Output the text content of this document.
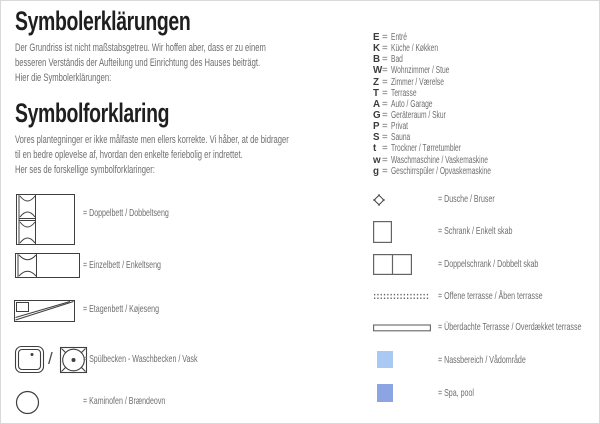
Symbolerklärungen
Der Grundriss ist nicht maßstabsgetreu. Wir hoffen aber, dass er zu einem
besseren Verständis der Aufteilung und Einrichtung des Hauses beiträgt.
Hier die Symbolerklärungen:
Symbolforklaring
Vores plantegninger er ikke målfaste men ellers korrekte. Vi håber, at de bidrager
til en bedre oplevelse af, hvordan den enkelte feriebolig er indrettet.
Her ses de forskellige symbolforklaringer:
= Doppelbett / Dobbeltseng
= Einzelbett / Enkeltseng
= Etagenbett / Køjeseng
/	= Spülbecken - Waschbecken / Vask
= Kaminofen / Brændeovn
E = Entré
K = Küche / Køkken
B = Bad
W = Wohnzimmer / Stue
Z = Zimmer / Værelse
T = Terrasse
A = Auto / Garage
G = Geräteraum / Skur
P = Privat
S = Sauna
t = Trockner / Tørretumbler
w = Waschmaschine / Vaskemaskine
g = Geschirrspüler / Opvaskemaskine
= Dusche / Bruser
= Schrank / Enkelt skab
= Doppelschrank / Dobbelt skab
= Offene terrasse / Åben terrasse
= Überdachte Terrasse / Overdækket terrasse
= Nassbereich / Vådområde
= Spa, pool
